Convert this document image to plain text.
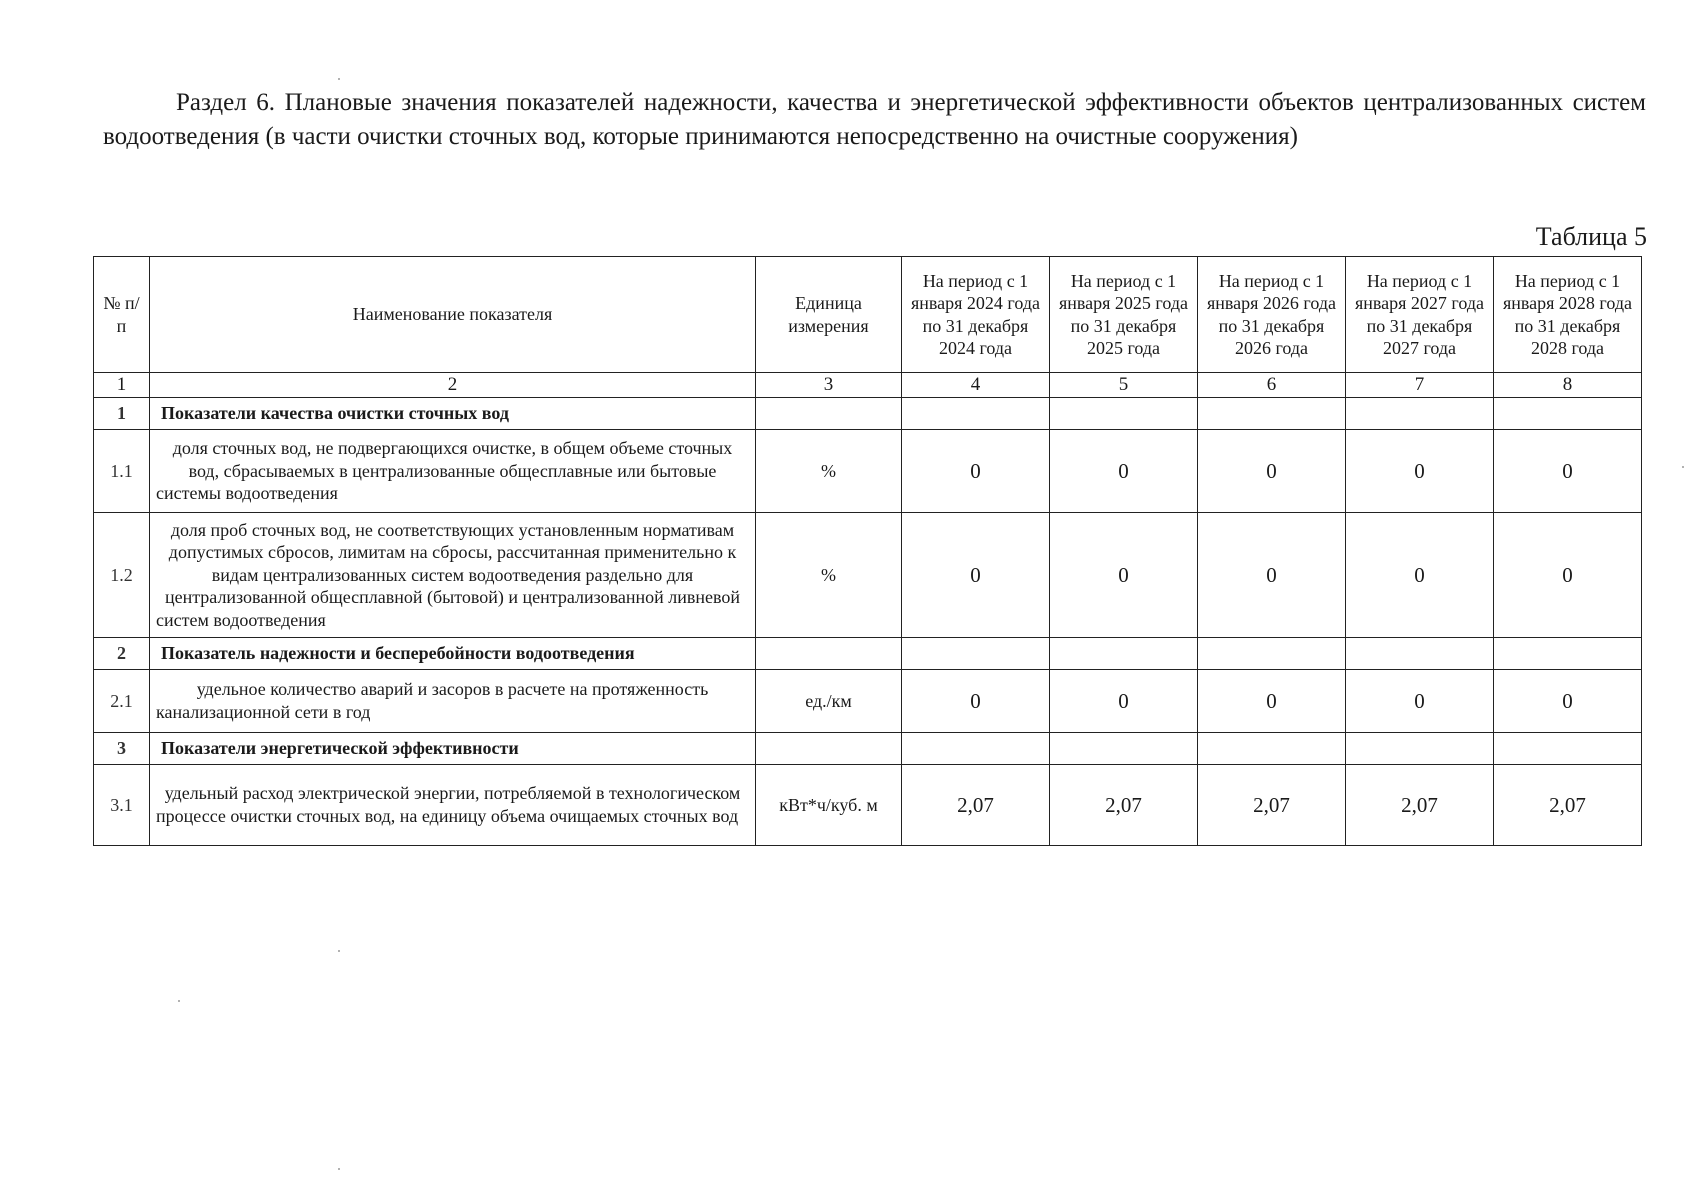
Раздел 6. Плановые значения показателей надежности, качества и энергетической эффективности объектов централизованных систем водоотведения (в части очистки сточных вод, которые принимаются непосредственно на очистные сооружения)

Таблица 5

№ п/п	Наименование показателя	Единица измерения	На период с 1 января 2024 года по 31 декабря 2024 года	На период с 1 января 2025 года по 31 декабря 2025 года	На период с 1 января 2026 года по 31 декабря 2026 года	На период с 1 января 2027 года по 31 декабря 2027 года	На период с 1 января 2028 года по 31 декабря 2028 года
1	2	3	4	5	6	7	8
1	Показатели качества очистки сточных вод						
1.1	доля сточных вод, не подвергающихся очистке, в общем объеме сточных вод, сбрасываемых в централизованные общесплавные или бытовые системы водоотведения	%	0	0	0	0	0
1.2	доля проб сточных вод, не соответствующих установленным нормативам допустимых сбросов, лимитам на сбросы, рассчитанная применительно к видам централизованных систем водоотведения раздельно для централизованной общесплавной (бытовой) и централизованной ливневой систем водоотведения	%	0	0	0	0	0
2	Показатель надежности и бесперебойности водоотведения						
2.1	удельное количество аварий и засоров в расчете на протяженность канализационной сети в год	ед./км	0	0	0	0	0
3	Показатели энергетической эффективности						
3.1	удельный расход электрической энергии, потребляемой в технологическом процессе очистки сточных вод, на единицу объема очищаемых сточных вод	кВт*ч/куб. м	2,07	2,07	2,07	2,07	2,07
